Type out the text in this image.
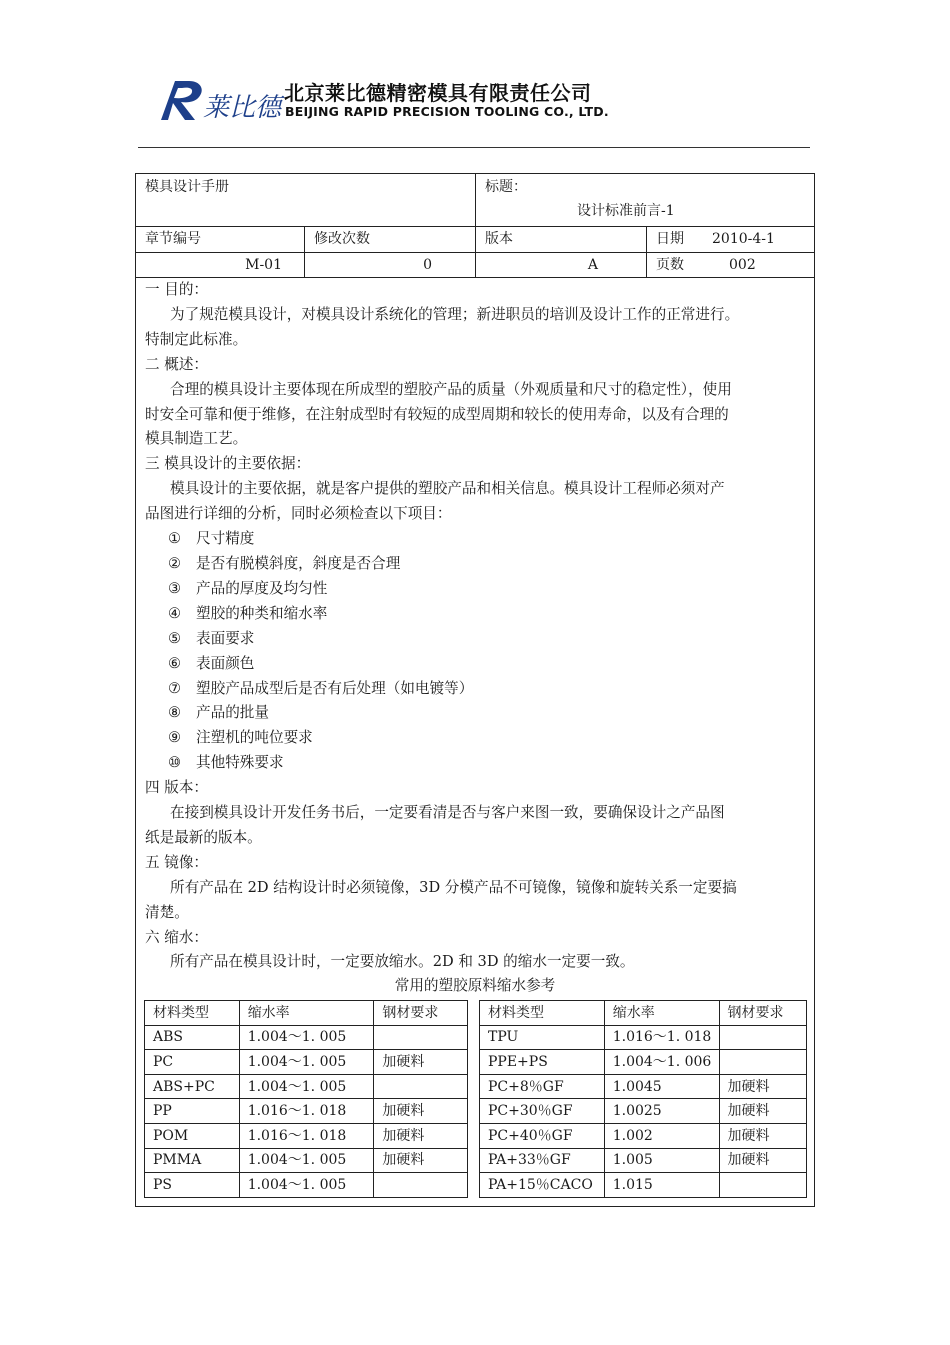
莱比德 北京莱比德精密模具有限责任公司
BEIJING RAPID PRECISION TOOLING CO., LTD.
模具设计手册	标题：
设计标准前言-1
章节编号	修改次数	版本	日期 2010-4-1
M-01	0	A	页数	002

一 目的：

为了规范模具设计，对模具设计系统化的管理；新进职员的培训及设计工作的正常进行。

特制定此标准。

二 概述：

合理的模具设计主要体现在所成型的塑胶产品的质量（外观质量和尺寸的稳定性），使用

时安全可靠和便于维修，在注射成型时有较短的成型周期和较长的使用寿命，以及有合理的

模具制造工艺。

三 模具设计的主要依据：

模具设计的主要依据，就是客户提供的塑胶产品和相关信息。模具设计工程师必须对产

品图进行详细的分析，同时必须检查以下项目：

① 尺寸精度

② 是否有脱模斜度，斜度是否合理

③ 产品的厚度及均匀性

④ 塑胶的种类和缩水率

⑤ 表面要求

⑥ 表面颜色

⑦ 塑胶产品成型后是否有后处理（如电镀等）

⑧ 产品的批量

⑨ 注塑机的吨位要求

⑩ 其他特殊要求

四 版本：

在接到模具设计开发任务书后，一定要看清是否与客户来图一致，要确保设计之产品图

纸是最新的版本。

五 镜像：

所有产品在 2D 结构设计时必须镜像，3D 分模产品不可镜像，镜像和旋转关系一定要搞

清楚。

六 缩水：

所有产品在模具设计时，一定要放缩水。2D 和 3D 的缩水一定要一致。

常用的塑胶原料缩水参考
材料类型	缩水率	钢材要求
ABS	1.004～1. 005	
PC	1.004～1. 005	加硬料
ABS+PC	1.004～1. 005	
PP	1.016～1. 018	加硬料
POM	1.016～1. 018	加硬料
PMMA	1.004～1. 005	加硬料
PS	1.004～1. 005	
材料类型	缩水率	钢材要求
TPU	1.016～1. 018	
PPE+PS	1.004～1. 006	
PC+8％GF	1.0045	加硬料
PC+30％GF	1.0025	加硬料
PC+40％GF	1.002	加硬料
PA+33％GF	1.005	加硬料
PA+15％CACO	1.015	
